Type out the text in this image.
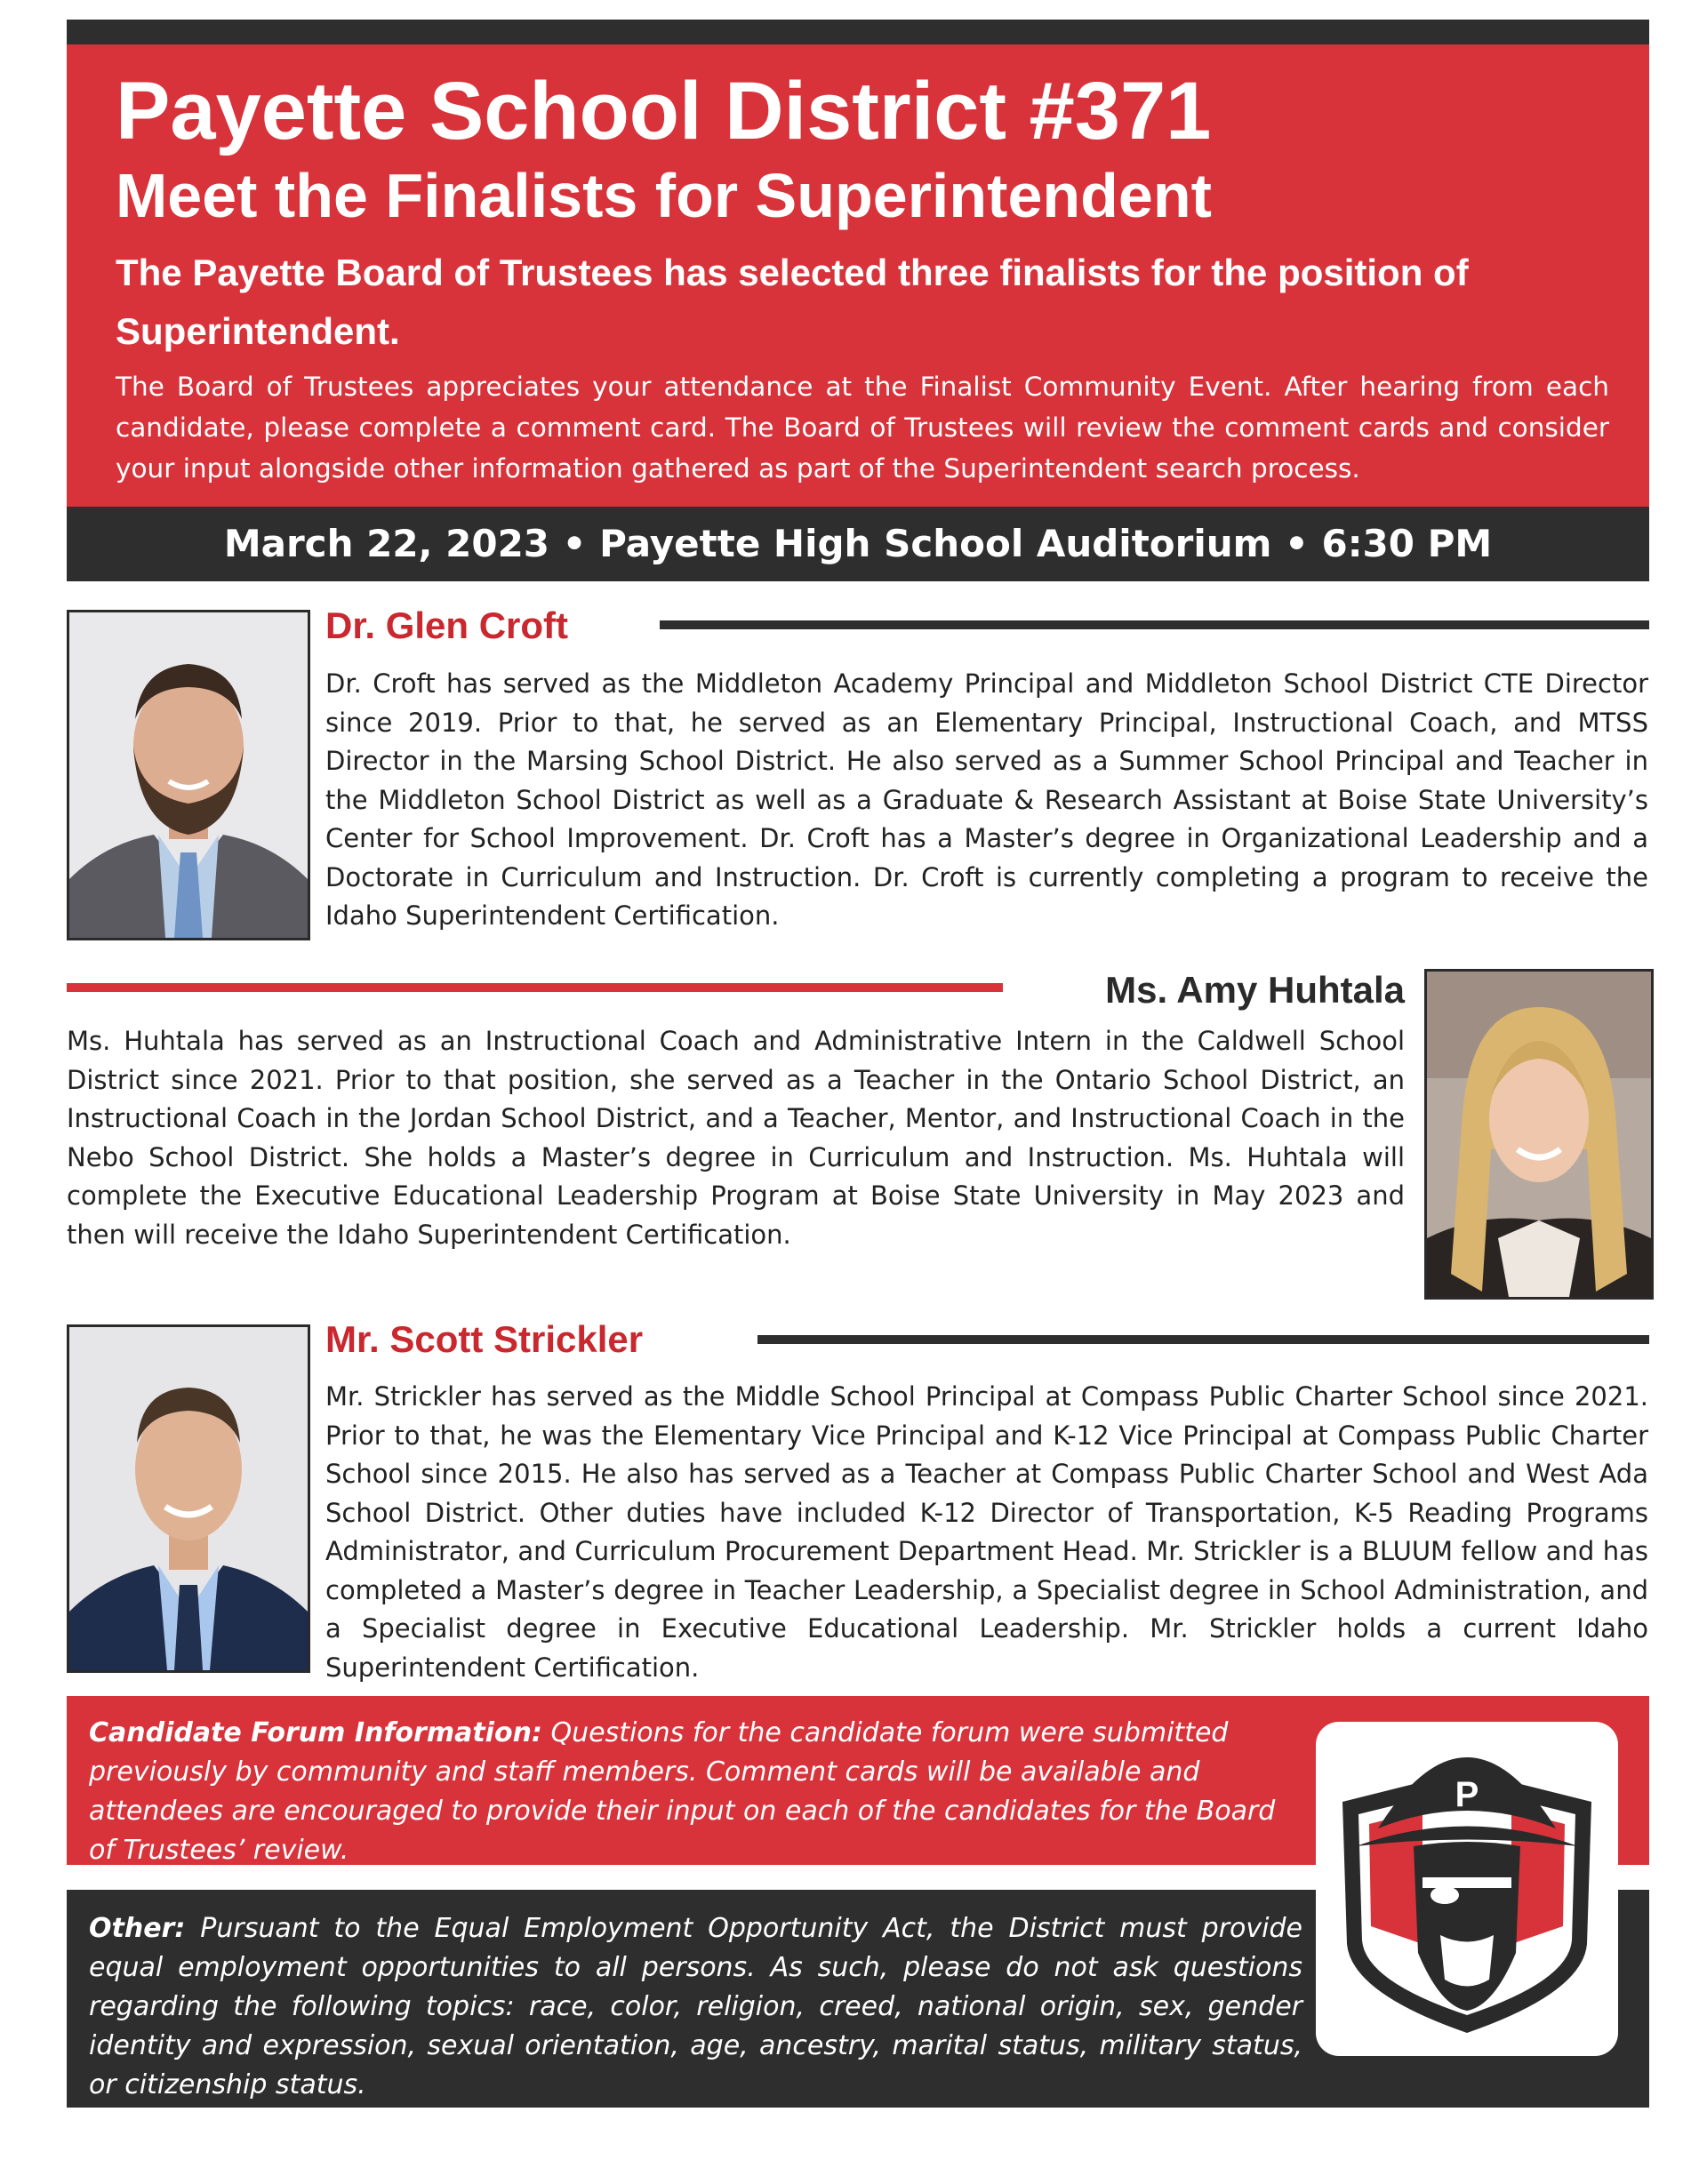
Payette School District #371
Meet the Finalists for Superintendent
The Payette Board of Trustees has selected three finalists for the position of Superintendent.
The Board of Trustees appreciates your attendance at the Finalist Community Event. After hearing from each candidate, please complete a comment card. The Board of Trustees will review the comment cards and consider your input alongside other information gathered as part of the Superintendent search process.
March 22, 2023 • Payette High School Auditorium • 6:30 PM
Dr. Glen Croft
Dr. Croft has served as the Middleton Academy Principal and Middleton School District CTE Director since 2019. Prior to that, he served as an Elementary Principal, Instructional Coach, and MTSS Director in the Marsing School District. He also served as a Summer School Principal and Teacher in the Middleton School District as well as a Graduate & Research Assistant at Boise State University’s Center for School Improvement. Dr. Croft has a Master’s degree in Organizational Leadership and a Doctorate in Curriculum and Instruction. Dr. Croft is currently completing a program to receive the Idaho Superintendent Certification.
Ms. Amy Huhtala
Ms. Huhtala has served as an Instructional Coach and Administrative Intern in the Caldwell School District since 2021. Prior to that position, she served as a Teacher in the Ontario School District, an Instructional Coach in the Jordan School District, and a Teacher, Mentor, and Instructional Coach in the Nebo School District. She holds a Master’s degree in Curriculum and Instruction. Ms. Huhtala will complete the Executive Educational Leadership Program at Boise State University in May 2023 and then will receive the Idaho Superintendent Certification.
Mr. Scott Strickler
Mr. Strickler has served as the Middle School Principal at Compass Public Charter School since 2021. Prior to that, he was the Elementary Vice Principal and K-12 Vice Principal at Compass Public Charter School since 2015. He also has served as a Teacher at Compass Public Charter School and West Ada School District. Other duties have included K-12 Director of Transportation, K-5 Reading Programs Administrator, and Curriculum Procurement Department Head. Mr. Strickler is a BLUUM fellow and has completed a Master’s degree in Teacher Leadership, a Specialist degree in School Administration, and a Specialist degree in Executive Educational Leadership. Mr. Strickler holds a current Idaho Superintendent Certification.
Candidate Forum Information: Questions for the candidate forum were submitted previously by community and staff members. Comment cards will be available and attendees are encouraged to provide their input on each of the candidates for the Board of Trustees’ review.
Other: Pursuant to the Equal Employment Opportunity Act, the District must provide equal employment opportunities to all persons. As such, please do not ask questions regarding the following topics: race, color, religion, creed, national origin, sex, gender identity and expression, sexual orientation, age, ancestry, marital status, military status, or citizenship status.
P
